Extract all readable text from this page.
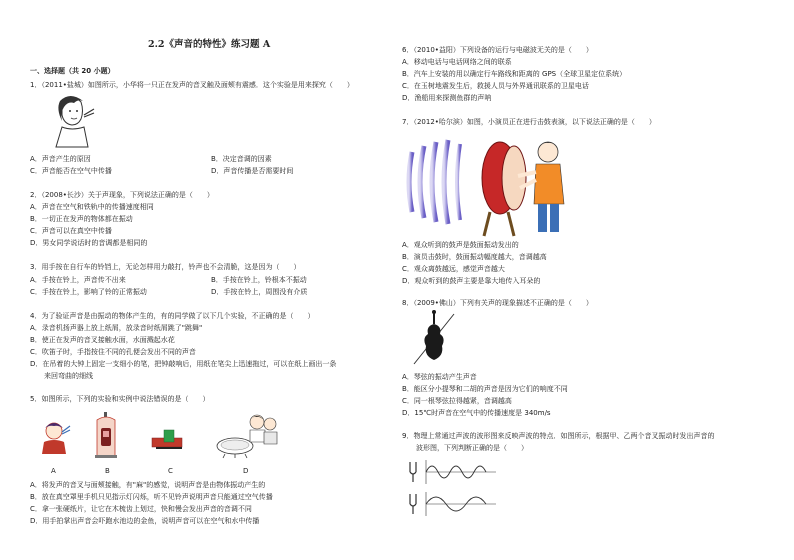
2.2《声音的特性》练习题 A
一、选择题（共 20 小题）
1．（2011•盐城）如图所示，小华将一只正在发声的音叉触及面颊有震感．这个实验是用来探究（　　）
A．声音产生的原因	B．决定音调的因素
C．声音能否在空气中传播	D．声音传播是否需要时间
2．（2008•长沙）关于声现象，下列说法正确的是（　　）
A．声音在空气和铁轨中的传播速度相同
B．一切正在发声的物体都在振动
C．声音可以在真空中传播
D．男女同学说话时的音调都是相同的
3．用手按在自行车的铃铛上，无论怎样用力敲打，铃声也不会清脆，这是因为（　　）
A．手按在铃上，声音传不出来	B．手按在铃上，铃根本不振动
C．手按在铃上，影响了铃的正常振动	D．手按在铃上，周围没有介质
4．为了验证声音是由振动的物体产生的，有的同学做了以下几个实验，不正确的是（　　）
A．录音机扬声器上放上纸屑，放录音时纸屑跳了"跳舞"
B．使正在发声的音叉接触水面，水面溅起水花
C．吹笛子时，手指按住不同的孔便会发出不同的声音
D．在吊着的大钟上固定一支细小的笔，把钟敲响后，用纸在笔尖上迅速拖过，可以在纸上画出一条
来回弯曲的细线
5．如图所示，下列的实验和实例中说法错误的是（　　）
A	B	C	D
A．将发声的音叉与面颊接触，有"麻"的感觉，说明声音是由物体振动产生的
B．放在真空罩里手机只见指示灯闪烁，听不见铃声说明声音只能通过空气传播
C．拿一张硬纸片，让它在木梳齿上划过，快和慢会发出声音的音调不同
D．用手拍掌出声音会吓跑水池边的金鱼，说明声音可以在空气和水中传播
6．（2010•益阳）下列设备的运行与电磁波无关的是（　　）
A．移动电话与电话网络之间的联系
B．汽车上安装的用以确定行车路线和距离的 GPS（全球卫星定位系统）
C．在玉树地震发生后，救援人员与外界通讯联系的卫星电话
D．渔船用来探测鱼群的声呐
7．（2012•哈尔滨）如图，小演员正在进行击鼓表演，以下说法正确的是（　　）
A．观众听到的鼓声是鼓面振动发出的
B．演员击鼓时，鼓面振动幅度越大，音调越高
C．观众离鼓越远，感觉声音越大
D．观众听到的鼓声主要是靠大地传入耳朵的
8．（2009•佛山）下列有关声的现象描述不正确的是（　　）
A．琴弦的振动产生声音
B．能区分小提琴和二胡的声音是因为它们的响度不同
C．同一根琴弦拉得越紧，音调越高
D．15℃时声音在空气中的传播速度是 340m/s
9．物理上常通过声波的波形图来反映声波的特点．如图所示，根据甲、乙两个音叉振动时发出声音的
波形图，下列判断正确的是（　　）
